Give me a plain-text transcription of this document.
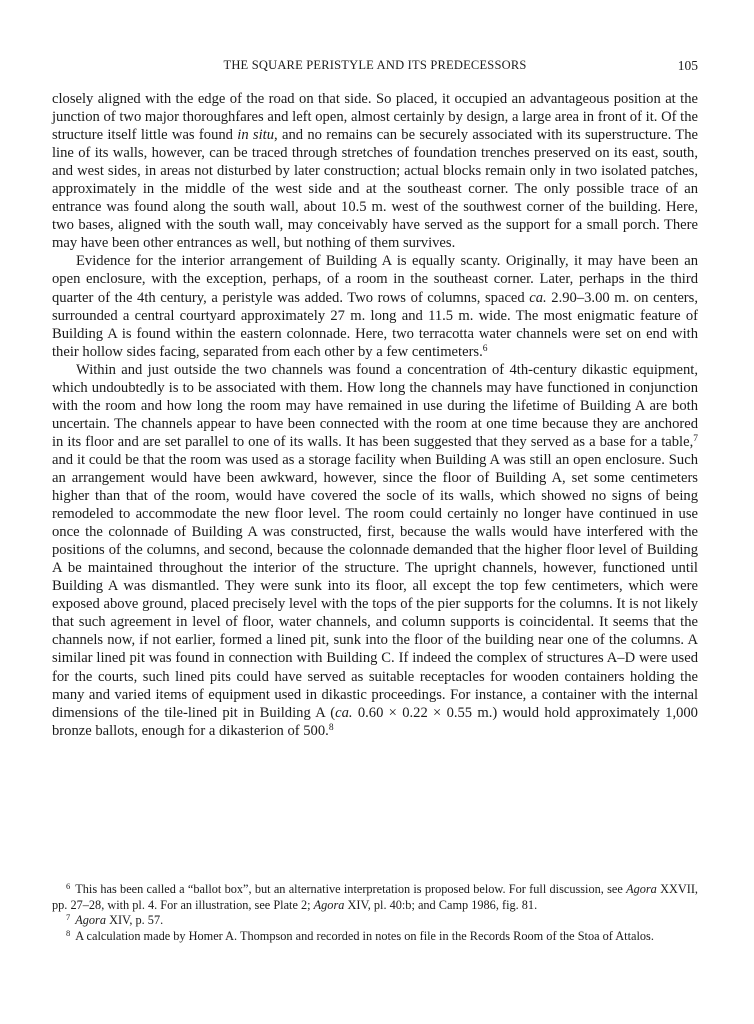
THE SQUARE PERISTYLE AND ITS PREDECESSORS	105

closely aligned with the edge of the road on that side. So placed, it occupied an advantageous position at the junction of two major thoroughfares and left open, almost certainly by design, a large area in front of it. Of the structure itself little was found in situ, and no remains can be securely associated with its superstructure. The line of its walls, however, can be traced through stretches of foundation trenches preserved on its east, south, and west sides, in areas not disturbed by later construction; actual blocks remain only in two isolated patches, approximately in the middle of the west side and at the southeast corner. The only possible trace of an entrance was found along the south wall, about 10.5 m. west of the southwest corner of the building. Here, two bases, aligned with the south wall, may conceivably have served as the support for a small porch. There may have been other entrances as well, but nothing of them survives.

Evidence for the interior arrangement of Building A is equally scanty. Originally, it may have been an open enclosure, with the exception, perhaps, of a room in the southeast corner. Later, perhaps in the third quarter of the 4th century, a peristyle was added. Two rows of columns, spaced ca. 2.90–3.00 m. on centers, surrounded a central courtyard approximately 27 m. long and 11.5 m. wide. The most enigmatic feature of Building A is found within the eastern colonnade. Here, two terracotta water channels were set on end with their hollow sides facing, separated from each other by a few centimeters.$^6$

Within and just outside the two channels was found a concentration of 4th-century dikastic equipment, which undoubtedly is to be associated with them. How long the channels may have functioned in conjunction with the room and how long the room may have remained in use during the lifetime of Building A are both uncertain. The channels appear to have been connected with the room at one time because they are anchored in its floor and are set parallel to one of its walls. It has been suggested that they served as a base for a table,$^7$ and it could be that the room was used as a storage facility when Building A was still an open enclosure. Such an arrangement would have been awkward, however, since the floor of Building A, set some centimeters higher than that of the room, would have covered the socle of its walls, which showed no signs of being remodeled to accommodate the new floor level. The room could certainly no longer have continued in use once the colonnade of Building A was constructed, first, because the walls would have interfered with the positions of the columns, and second, because the colonnade demanded that the higher floor level of Building A be maintained throughout the interior of the structure. The upright channels, however, functioned until Building A was dismantled. They were sunk into its floor, all except the top few centimeters, which were exposed above ground, placed precisely level with the tops of the pier supports for the columns. It is not likely that such agreement in level of floor, water channels, and column supports is coincidental. It seems that the channels now, if not earlier, formed a lined pit, sunk into the floor of the building near one of the columns. A similar lined pit was found in connection with Building C. If indeed the complex of structures A–D were used for the courts, such lined pits could have served as suitable receptacles for wooden containers holding the many and varied items of equipment used in dikastic proceedings. For instance, a container with the internal dimensions of the tile-lined pit in Building A (ca. 0.60 × 0.22 × 0.55 m.) would hold approximately 1,000 bronze ballots, enough for a dikasterion of 500.$^8$

$^6$ This has been called a “ballot box”, but an alternative interpretation is proposed below. For full discussion, see Agora XXVII, pp. 27–28, with pl. 4. For an illustration, see Plate 2; Agora XIV, pl. 40:b; and Camp 1986, fig. 81.

$^7$ Agora XIV, p. 57.

$^8$ A calculation made by Homer A. Thompson and recorded in notes on file in the Records Room of the Stoa of Attalos.
